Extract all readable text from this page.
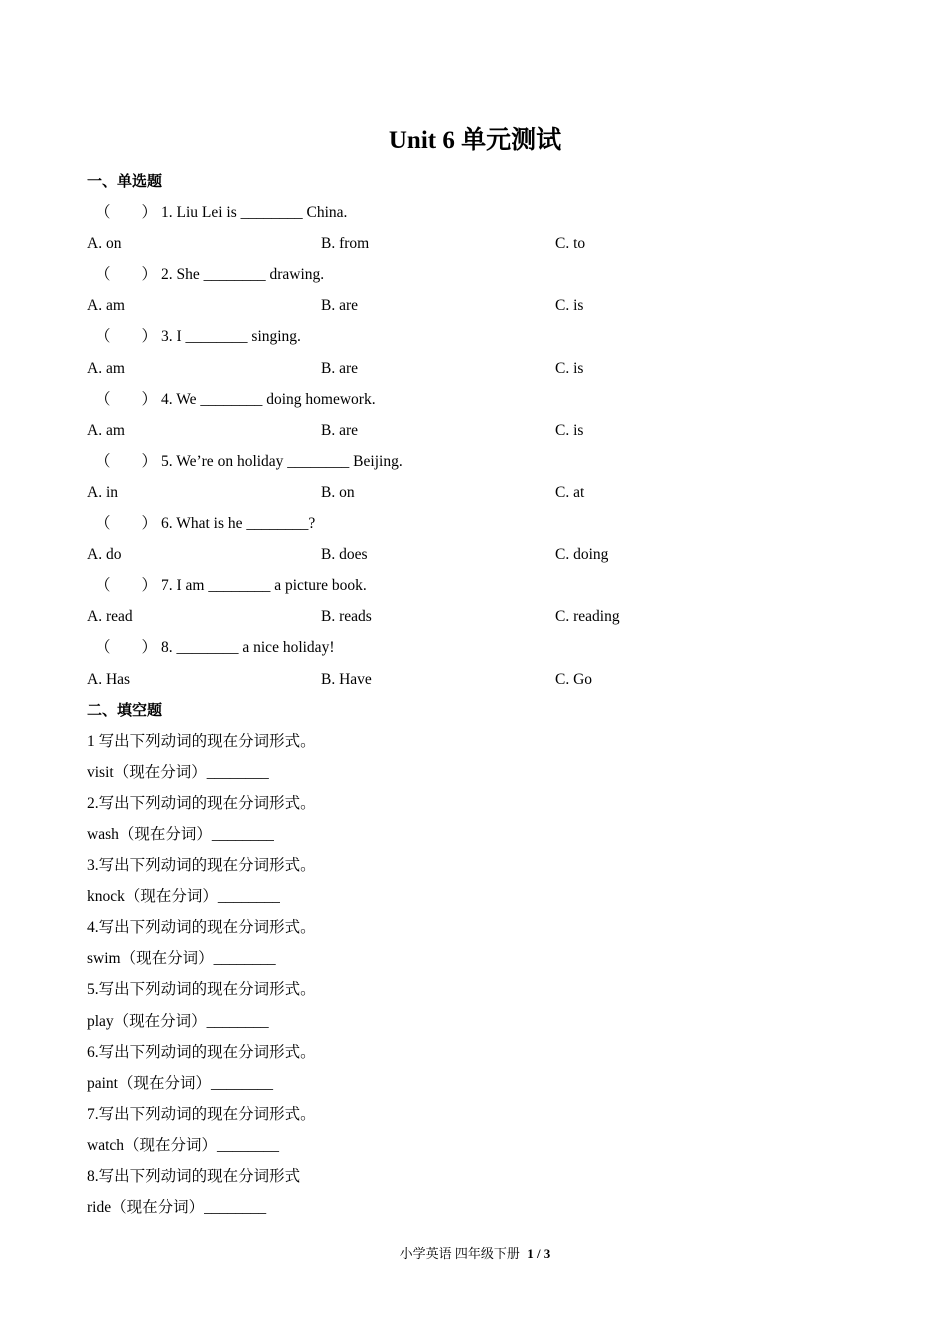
Unit 6 单元测试
一、单选题
（　　） 1. Liu Lei is ________ China.
A. on	B. from	C. to
（　　） 2. She ________ drawing.
A. am	B. are	C. is
（　　） 3. I ________ singing.
A. am	B. are	C. is
（　　） 4. We ________ doing homework.
A. am	B. are	C. is
（　　） 5. We’re on holiday ________ Beijing.
A. in	B. on	C. at
（　　） 6. What is he ________?
A. do	B. does	C. doing
（　　） 7. I am ________ a picture book.
A. read	B. reads	C. reading
（　　） 8. ________ a nice holiday!
A. Has	B. Have	C. Go
二、填空题
1 写出下列动词的现在分词形式。
visit（现在分词）________
2.写出下列动词的现在分词形式。
wash（现在分词）________
3.写出下列动词的现在分词形式。
knock（现在分词）________
4.写出下列动词的现在分词形式。
swim（现在分词）________
5.写出下列动词的现在分词形式。
play（现在分词）________
6.写出下列动词的现在分词形式。
paint（现在分词）________
7.写出下列动词的现在分词形式。
watch（现在分词）________
8.写出下列动词的现在分词形式
ride（现在分词）________
小学英语 四年级下册 1 / 3
